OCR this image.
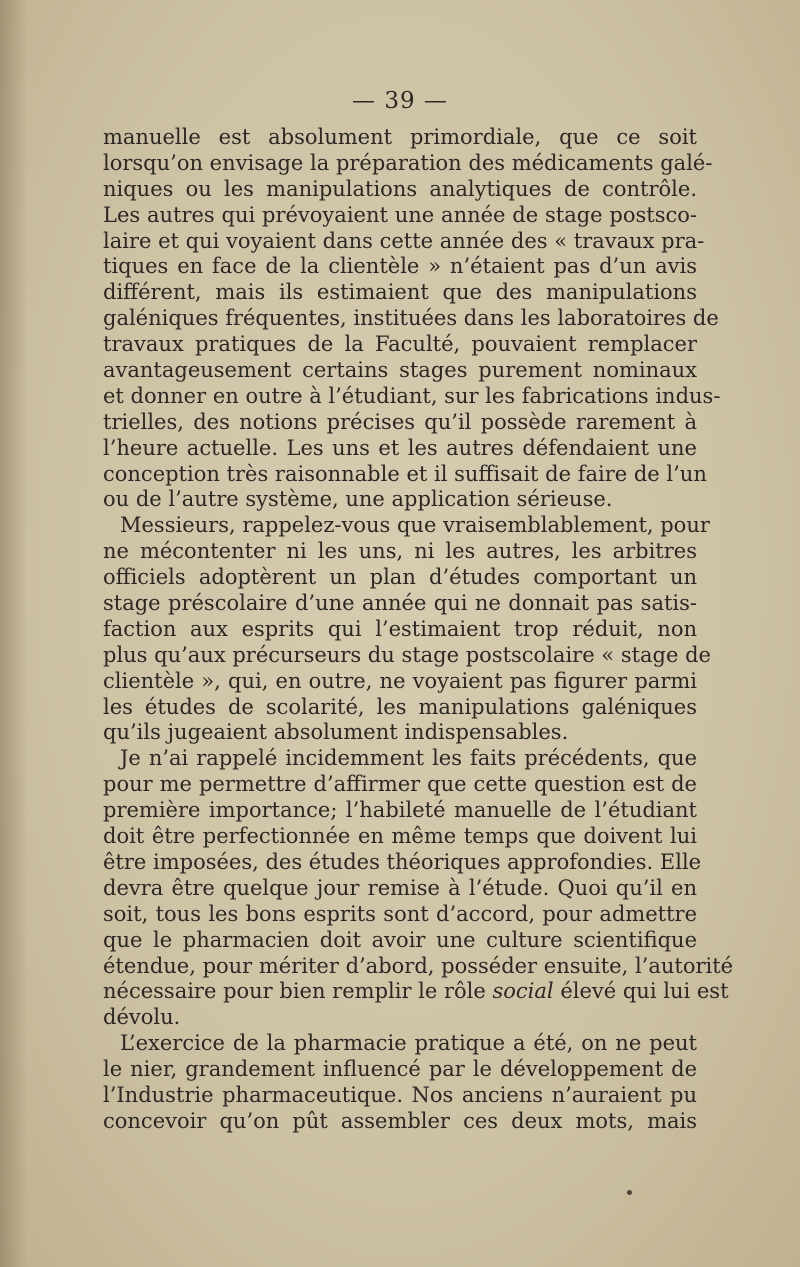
— 39 —
manuelle est absolument primordiale, que ce soit
lorsqu’on envisage la préparation des médicaments galé-
niques ou les manipulations analytiques de contrôle.
Les autres qui prévoyaient une année de stage postsco-
laire et qui voyaient dans cette année des « travaux pra-
tiques en face de la clientèle » n’étaient pas d’un avis
différent, mais ils estimaient que des manipulations
galéniques fréquentes, instituées dans les laboratoires de
travaux pratiques de la Faculté, pouvaient remplacer
avantageusement certains stages purement nominaux
et donner en outre à l’étudiant, sur les fabrications indus-
trielles, des notions précises qu’il possède rarement à
l’heure actuelle. Les uns et les autres défendaient une
conception très raisonnable et il suffisait de faire de l’un
ou de l’autre système, une application sérieuse.
Messieurs, rappelez-vous que vraisemblablement, pour
ne mécontenter ni les uns, ni les autres, les arbitres
officiels adoptèrent un plan d’études comportant un
stage préscolaire d’une année qui ne donnait pas satis-
faction aux esprits qui l’estimaient trop réduit, non
plus qu’aux précurseurs du stage postscolaire « stage de
clientèle », qui, en outre, ne voyaient pas figurer parmi
les études de scolarité, les manipulations galéniques
qu’ils jugeaient absolument indispensables.
Je n’ai rappelé incidemment les faits précédents, que
pour me permettre d’affirmer que cette question est de
première importance; l’habileté manuelle de l’étudiant
doit être perfectionnée en même temps que doivent lui
être imposées, des études théoriques approfondies. Elle
devra être quelque jour remise à l’étude. Quoi qu’il en
soit, tous les bons esprits sont d’accord, pour admettre
que le pharmacien doit avoir une culture scientifique
étendue, pour mériter d’abord, posséder ensuite, l’autorité
nécessaire pour bien remplir le rôle social élevé qui lui est
dévolu.
L’exercice de la pharmacie pratique a été, on ne peut
le nier, grandement influencé par le développement de
l’Industrie pharmaceutique. Nos anciens n’auraient pu
concevoir qu’on pût assembler ces deux mots, mais
